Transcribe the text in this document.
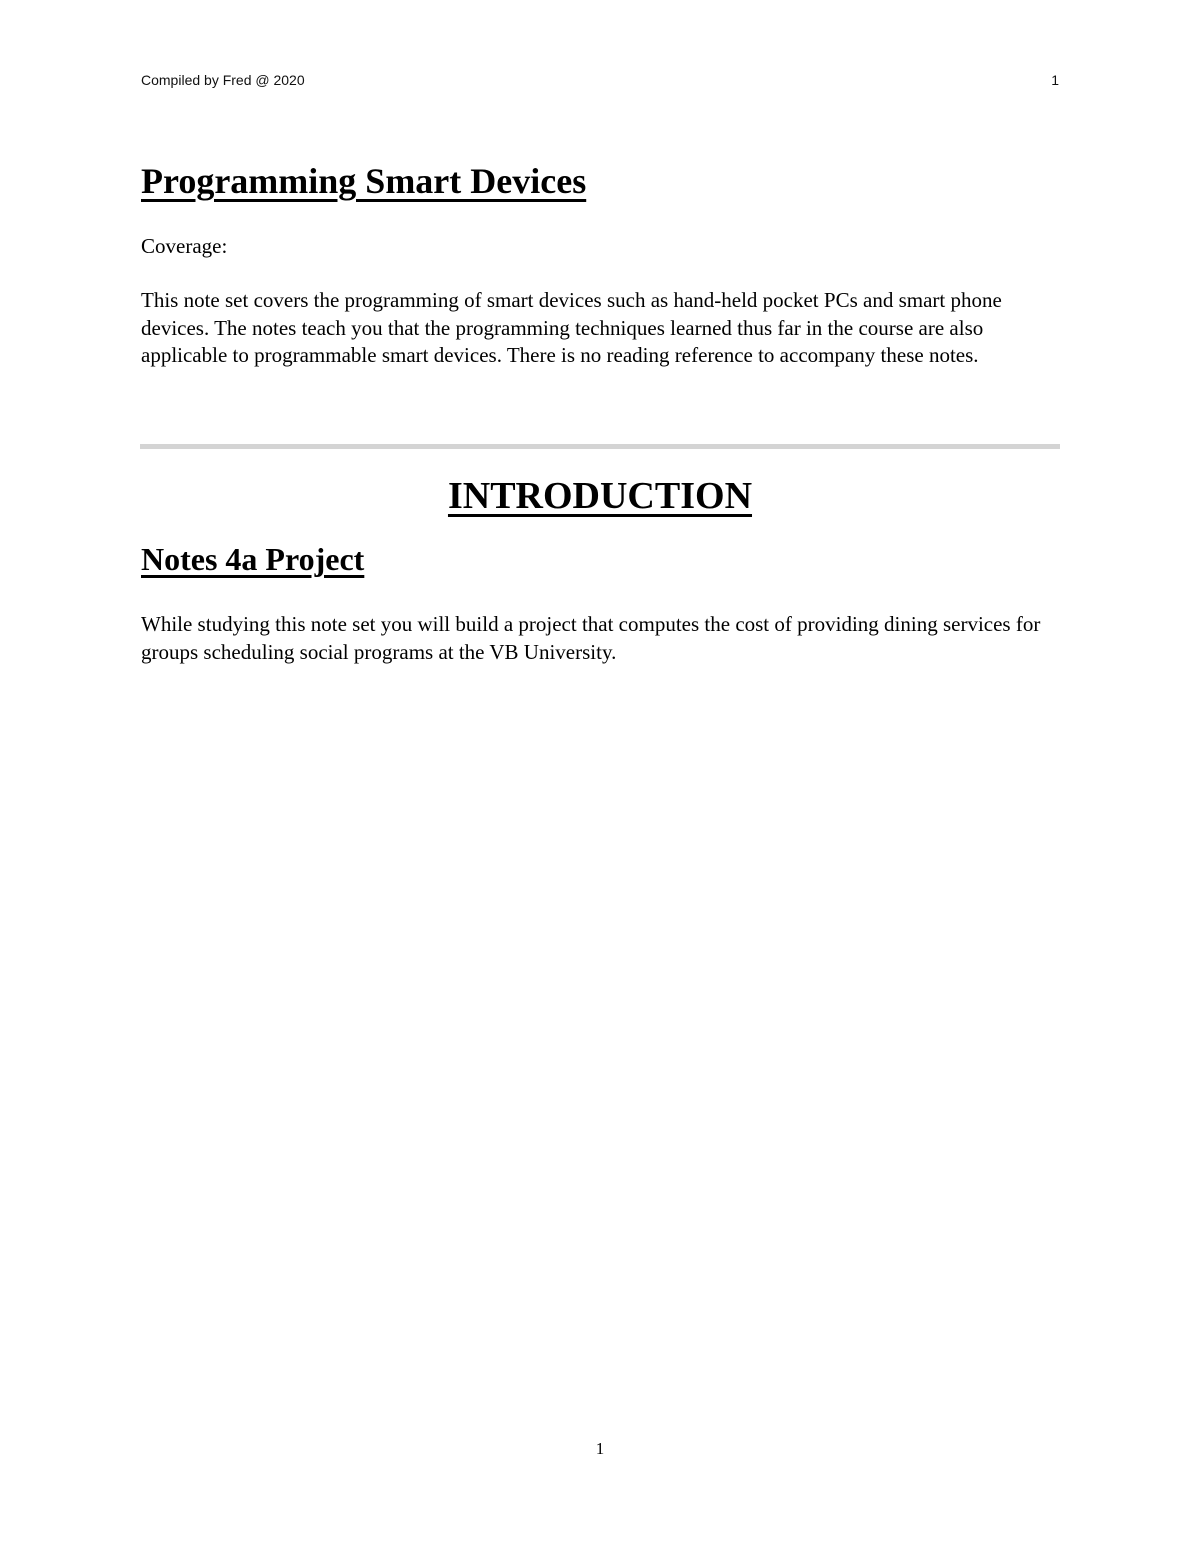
Compiled by Fred @ 2020	1
Programming Smart Devices
Coverage:

This note set covers the programming of smart devices such as hand-held pocket PCs and smart phone devices. The notes teach you that the programming techniques learned thus far in the course are also applicable to programmable smart devices. There is no reading reference to accompany these notes.

INTRODUCTION
Notes 4a Project

While studying this note set you will build a project that computes the cost of providing dining services for groups scheduling social programs at the VB University.

1
